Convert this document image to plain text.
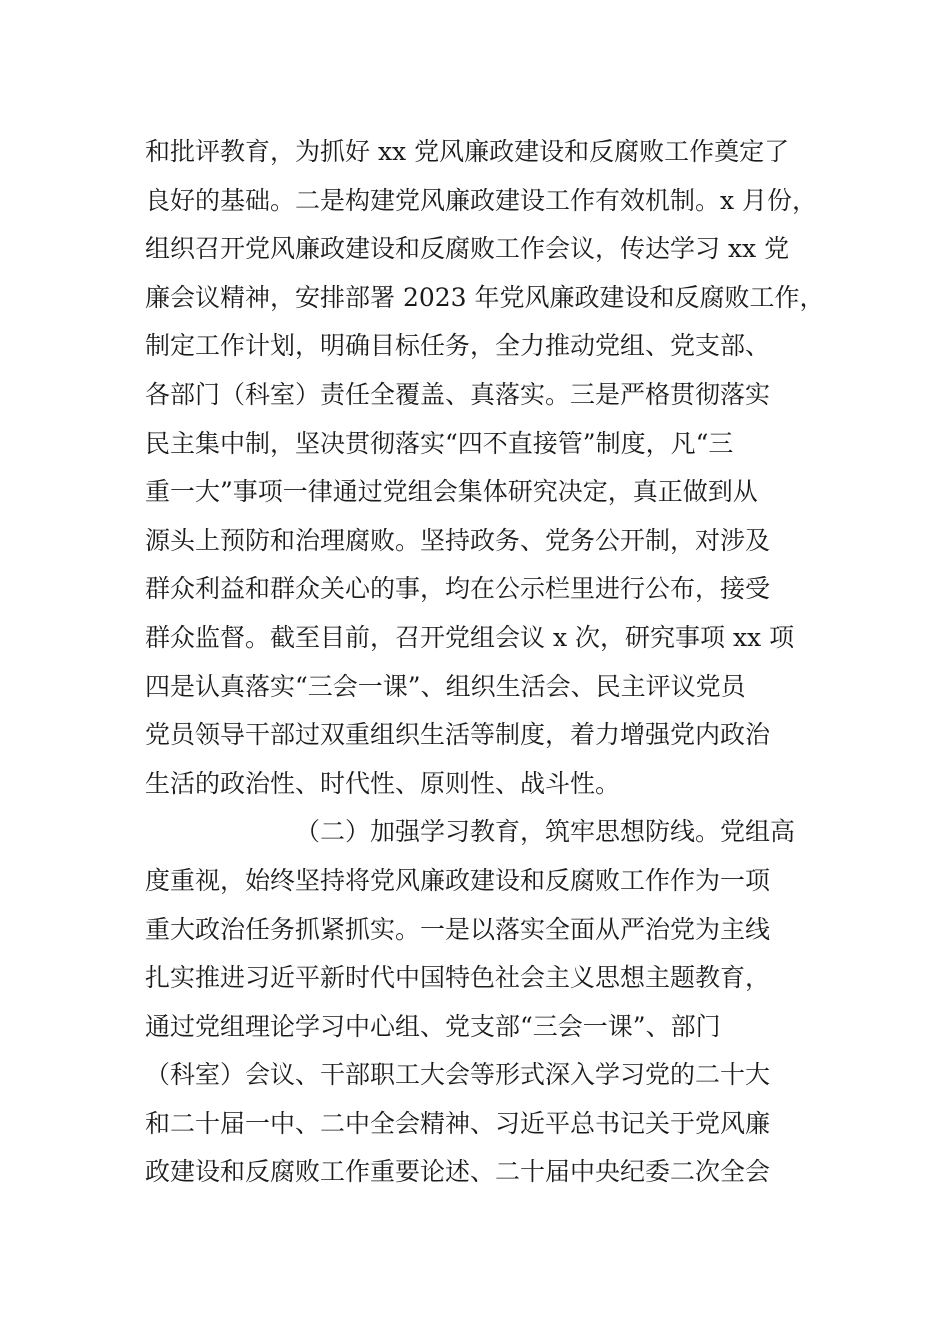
和批评教育，为抓好 xx 党风廉政建设和反腐败工作奠定了
良好的基础。二是构建党风廉政建设工作有效机制。x 月份，
组织召开党风廉政建设和反腐败工作会议，传达学习 xx 党
廉会议精神，安排部署 2023 年党风廉政建设和反腐败工作，
制定工作计划，明确目标任务，全力推动党组、党支部、
各部门（科室）责任全覆盖、真落实。三是严格贯彻落实
民主集中制，坚决贯彻落实“四不直接管”制度，凡“三
重一大”事项一律通过党组会集体研究决定，真正做到从
源头上预防和治理腐败。坚持政务、党务公开制，对涉及
群众利益和群众关心的事，均在公示栏里进行公布，接受
群众监督。截至目前，召开党组会议 x 次，研究事项 xx 项
四是认真落实“三会一课”、组织生活会、民主评议党员
党员领导干部过双重组织生活等制度，着力增强党内政治
生活的政治性、时代性、原则性、战斗性。
（二）加强学习教育，筑牢思想防线。党组高
度重视，始终坚持将党风廉政建设和反腐败工作作为一项
重大政治任务抓紧抓实。一是以落实全面从严治党为主线
扎实推进习近平新时代中国特色社会主义思想主题教育，
通过党组理论学习中心组、党支部“三会一课”、部门
（科室）会议、干部职工大会等形式深入学习党的二十大
和二十届一中、二中全会精神、习近平总书记关于党风廉
政建设和反腐败工作重要论述、二十届中央纪委二次全会
